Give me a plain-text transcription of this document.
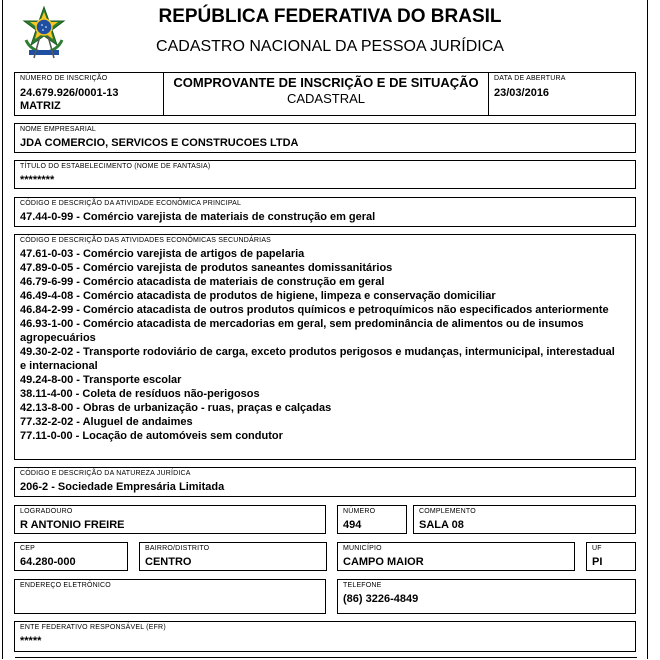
REPÚBLICA FEDERATIVA DO BRASIL
CADASTRO NACIONAL DA PESSOA JURÍDICA
NÚMERO DE INSCRIÇÃO
24.679.926/0001-13
MATRIZ
COMPROVANTE DE INSCRIÇÃO E DE SITUAÇÃO
CADASTRAL
DATA DE ABERTURA
23/03/2016
NOME EMPRESARIAL
JDA COMERCIO, SERVICOS E CONSTRUCOES LTDA
TÍTULO DO ESTABELECIMENTO (NOME DE FANTASIA)
********
CÓDIGO E DESCRIÇÃO DA ATIVIDADE ECONÔMICA PRINCIPAL
47.44-0-99 - Comércio varejista de materiais de construção em geral
CÓDIGO E DESCRIÇÃO DAS ATIVIDADES ECONÔMICAS SECUNDÁRIAS
47.61-0-03 - Comércio varejista de artigos de papelaria
47.89-0-05 - Comércio varejista de produtos saneantes domissanitários
46.79-6-99 - Comércio atacadista de materiais de construção em geral
46.49-4-08 - Comércio atacadista de produtos de higiene, limpeza e conservação domiciliar
46.84-2-99 - Comércio atacadista de outros produtos químicos e petroquímicos não especificados anteriormente
46.93-1-00 - Comércio atacadista de mercadorias em geral, sem predominância de alimentos ou de insumos agropecuários
49.30-2-02 - Transporte rodoviário de carga, exceto produtos perigosos e mudanças, intermunicipal, interestadual e internacional
49.24-8-00 - Transporte escolar
38.11-4-00 - Coleta de resíduos não-perigosos
42.13-8-00 - Obras de urbanização - ruas, praças e calçadas
77.32-2-02 - Aluguel de andaimes
77.11-0-00 - Locação de automóveis sem condutor
CÓDIGO E DESCRIÇÃO DA NATUREZA JURÍDICA
206-2 - Sociedade Empresária Limitada
LOGRADOURO
R ANTONIO FREIRE
NÚMERO
494
COMPLEMENTO
SALA 08
CEP
64.280-000
BAIRRO/DISTRITO
CENTRO
MUNICÍPIO
CAMPO MAIOR
UF
PI
ENDEREÇO ELETRÔNICO	TELEFONE
(86) 3226-4849
ENTE FEDERATIVO RESPONSÁVEL (EFR)
*****
